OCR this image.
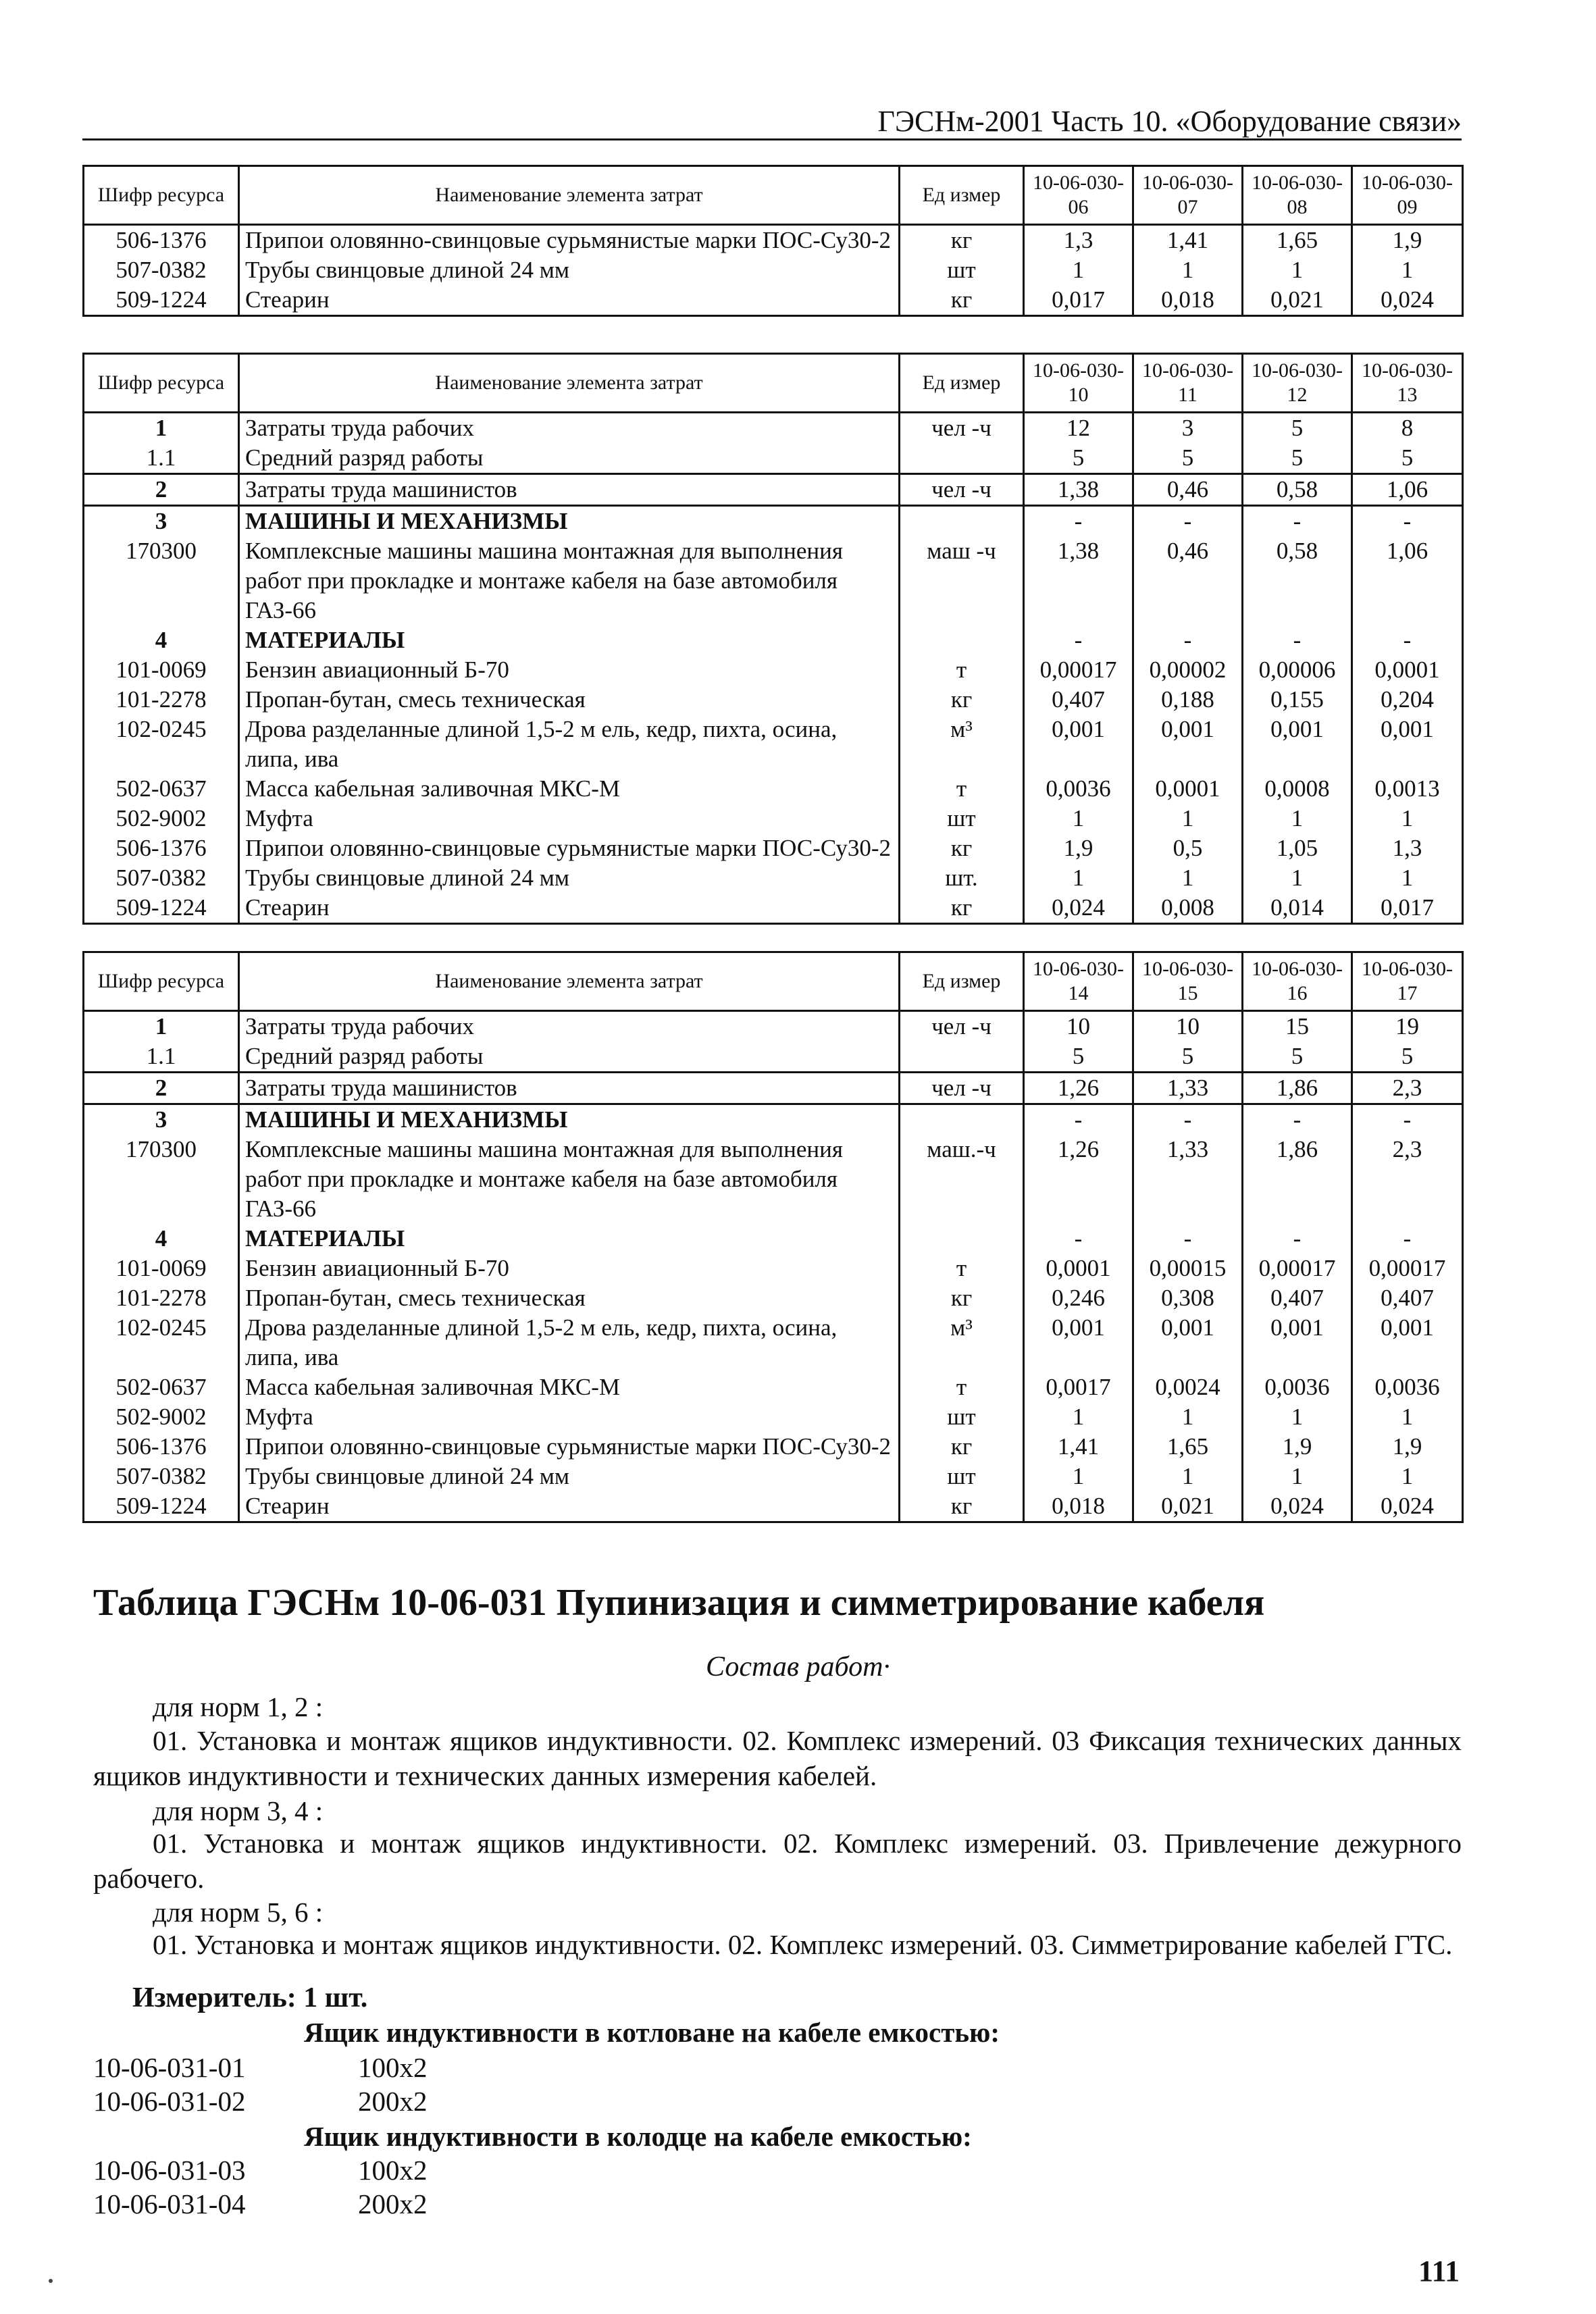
ГЭСНм-2001 Часть 10. «Оборудование связи»
Шифр ресурса	Наименование элемента затрат	Ед измер	10-06-030-06	10-06-030-07	10-06-030-08	10-06-030-09
506-1376	Припои оловянно-свинцовые сурьмянистые марки ПОС-Су30-2	кг	1,3	1,41	1,65	1,9
507-0382	Трубы свинцовые длиной 24 мм	шт	1	1	1	1
509-1224	Стеарин	кг	0,017	0,018	0,021	0,024
Шифр ресурса	Наименование элемента затрат	Ед измер	10-06-030-10	10-06-030-11	10-06-030-12	10-06-030-13
1	Затраты труда рабочих	чел -ч	12	3	5	8
1.1	Средний разряд работы		5	5	5	5
2	Затраты труда машинистов	чел -ч	1,38	0,46	0,58	1,06
3	МАШИНЫ И МЕХАНИЗМЫ		-	-	-	-
170300	Комплексные машины машина монтажная для выполнения работ при прокладке и монтаже кабеля на базе автомобиля ГАЗ-66	маш -ч	1,38	0,46	0,58	1,06
4	МАТЕРИАЛЫ		-	-	-	-
101-0069	Бензин авиационный Б-70	т	0,00017	0,00002	0,00006	0,0001
101-2278	Пропан-бутан, смесь техническая	кг	0,407	0,188	0,155	0,204
102-0245	Дрова разделанные длиной 1,5-2 м ель, кедр, пихта, осина, липа, ива	м³	0,001	0,001	0,001	0,001
502-0637	Масса кабельная заливочная МКС-М	т	0,0036	0,0001	0,0008	0,0013
502-9002	Муфта	шт	1	1	1	1
506-1376	Припои оловянно-свинцовые сурьмянистые марки ПОС-Су30-2	кг	1,9	0,5	1,05	1,3
507-0382	Трубы свинцовые длиной 24 мм	шт.	1	1	1	1
509-1224	Стеарин	кг	0,024	0,008	0,014	0,017
Шифр ресурса	Наименование элемента затрат	Ед измер	10-06-030-14	10-06-030-15	10-06-030-16	10-06-030-17
1	Затраты труда рабочих	чел -ч	10	10	15	19
1.1	Средний разряд работы		5	5	5	5
2	Затраты труда машинистов	чел -ч	1,26	1,33	1,86	2,3
3	МАШИНЫ И МЕХАНИЗМЫ		-	-	-	-
170300	Комплексные машины машина монтажная для выполнения работ при прокладке и монтаже кабеля на базе автомобиля ГАЗ-66	маш.-ч	1,26	1,33	1,86	2,3
4	МАТЕРИАЛЫ		-	-	-	-
101-0069	Бензин авиационный Б-70	т	0,0001	0,00015	0,00017	0,00017
101-2278	Пропан-бутан, смесь техническая	кг	0,246	0,308	0,407	0,407
102-0245	Дрова разделанные длиной 1,5-2 м ель, кедр, пихта, осина, липа, ива	м³	0,001	0,001	0,001	0,001
502-0637	Масса кабельная заливочная МКС-М	т	0,0017	0,0024	0,0036	0,0036
502-9002	Муфта	шт	1	1	1	1
506-1376	Припои оловянно-свинцовые сурьмянистые марки ПОС-Су30-2	кг	1,41	1,65	1,9	1,9
507-0382	Трубы свинцовые длиной 24 мм	шт	1	1	1	1
509-1224	Стеарин	кг	0,018	0,021	0,024	0,024
Таблица ГЭСНм 10-06-031 Пупинизация и симметрирование кабеля
Состав работ·
для норм 1, 2 :
01. Установка и монтаж ящиков индуктивности. 02. Комплекс измерений. 03 Фиксация технических данных ящиков индуктивности и технических данных измерения кабелей.
для норм 3, 4 :
01. Установка и монтаж ящиков индуктивности. 02. Комплекс измерений. 03. Привлечение дежурного рабочего.
для норм 5, 6 :
01. Установка и монтаж ящиков индуктивности. 02. Комплекс измерений. 03. Симметрирование кабелей ГТС.
Измеритель: 1 шт.
Ящик индуктивности в котловане на кабеле емкостью:
10-06-031-01	100x2
10-06-031-02	200x2
Ящик индуктивности в колодце на кабеле емкостью:
10-06-031-03	100x2
10-06-031-04	200x2
111
